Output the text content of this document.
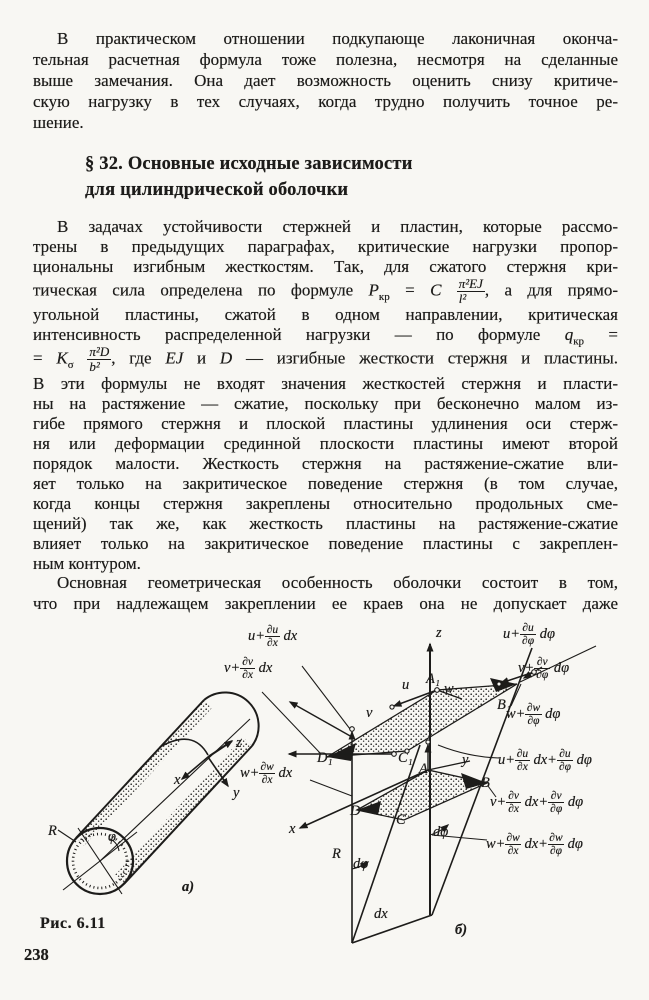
В практическом отношении подкупающе лаконичная оконча-
тельная расчетная формула тоже полезна, несмотря на сделанные
выше замечания. Она дает возможность оценить снизу критиче-
скую нагрузку в тех случаях, когда трудно получить точное ре-
шение.
§ 32. Основные исходные зависимости
для цилиндрической оболочки
В задачах устойчивости стержней и пластин, которые рассмо-
трены в предыдущих параграфах, критические нагрузки пропор-
циональны изгибным жесткостям. Так, для сжатого стержня кри-
тическая сила определена по формуле $P_{кр} = C \frac{\text{π²EJ}}{\text{l²}}$ , а для прямо-
угольной пластины, сжатой в одном направлении, критическая
интенсивность распределенной нагрузки — по формуле $q_{кр}$ =
= $K_\sigma \frac{\text{π²D}}{\text{b²}}$ , где EJ и D — изгибные жесткости стержня и пластины.
В эти формулы не входят значения жесткостей стержня и пласти-
ны на растяжение — сжатие, поскольку при бесконечно малом из-
гибе прямого стержня и плоской пластины удлинения оси стерж-
ня или деформации срединной плоскости пластины имеют второй
порядок малости. Жесткость стержня на растяжение-сжатие вли-
яет только на закритическое поведение стержня (в том случае,
когда концы стержня закреплены относительно продольных сме-
щений) так же, как жесткость пластины на растяжение-сжатие
влияет только на закритическое поведение пластины с закреплен-
ным контуром.
Основная геометрическая особенность оболочки состоит в том,
что при надлежащем закреплении ее краев она не допускает даже
R	φ
x
z
y
а)
$u+ \frac{\partial u}{\partial x}$ dx
$v+ \frac{\partial v}{\partial x}$ dx
z
u A₁
w
v
$u+ \frac{\partial u}{\partial\varphi}$ dφ
$v+ \frac{\partial v}{\partial\varphi}$ dφ
B₁
$w+ \frac{\partial w}{\partial\varphi}$ dφ
D₁
$w+ \frac{\partial w}{\partial x}$ dx
C₁
A
y
B
$u+ \frac{\partial u}{\partial x} dx+ \frac{\partial u}{\partial\varphi}$ dφ
$v+ \frac{\partial v}{\partial x} dx+ \frac{\partial v}{\partial\varphi}$ dφ
$w+ \frac{\partial w}{\partial x} dx+ \frac{\partial w}{\partial\varphi}$ dφ
D
C
x	dφ
R
dφ
dx
б)
Рис. 6.11
238
